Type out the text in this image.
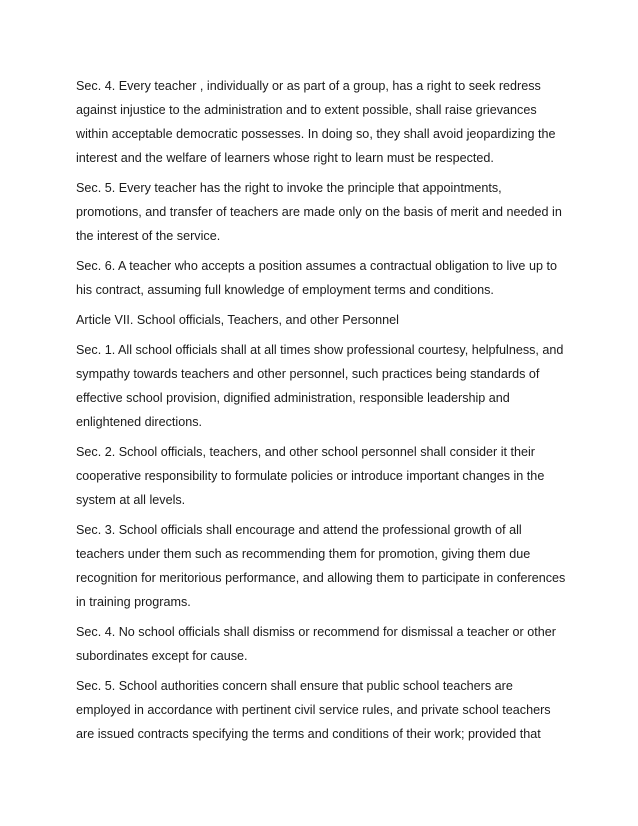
Sec. 4. Every teacher , individually or as part of a group, has a right to seek redress
against injustice to the administration and to extent possible, shall raise grievances
within acceptable democratic possesses. In doing so, they shall avoid jeopardizing the
interest and the welfare of learners whose right to learn must be respected.

Sec. 5. Every teacher has the right to invoke the principle that appointments,
promotions, and transfer of teachers are made only on the basis of merit and needed in
the interest of the service.

Sec. 6. A teacher who accepts a position assumes a contractual obligation to live up to
his contract, assuming full knowledge of employment terms and conditions.

Article VII. School officials, Teachers, and other Personnel

Sec. 1. All school officials shall at all times show professional courtesy, helpfulness, and
sympathy towards teachers and other personnel, such practices being standards of
effective school provision, dignified administration, responsible leadership and
enlightened directions.

Sec. 2. School officials, teachers, and other school personnel shall consider it their
cooperative responsibility to formulate policies or introduce important changes in the
system at all levels.

Sec. 3. School officials shall encourage and attend the professional growth of all
teachers under them such as recommending them for promotion, giving them due
recognition for meritorious performance, and allowing them to participate in conferences
in training programs.

Sec. 4. No school officials shall dismiss or recommend for dismissal a teacher or other
subordinates except for cause.

Sec. 5. School authorities concern shall ensure that public school teachers are
employed in accordance with pertinent civil service rules, and private school teachers
are issued contracts specifying the terms and conditions of their work; provided that
